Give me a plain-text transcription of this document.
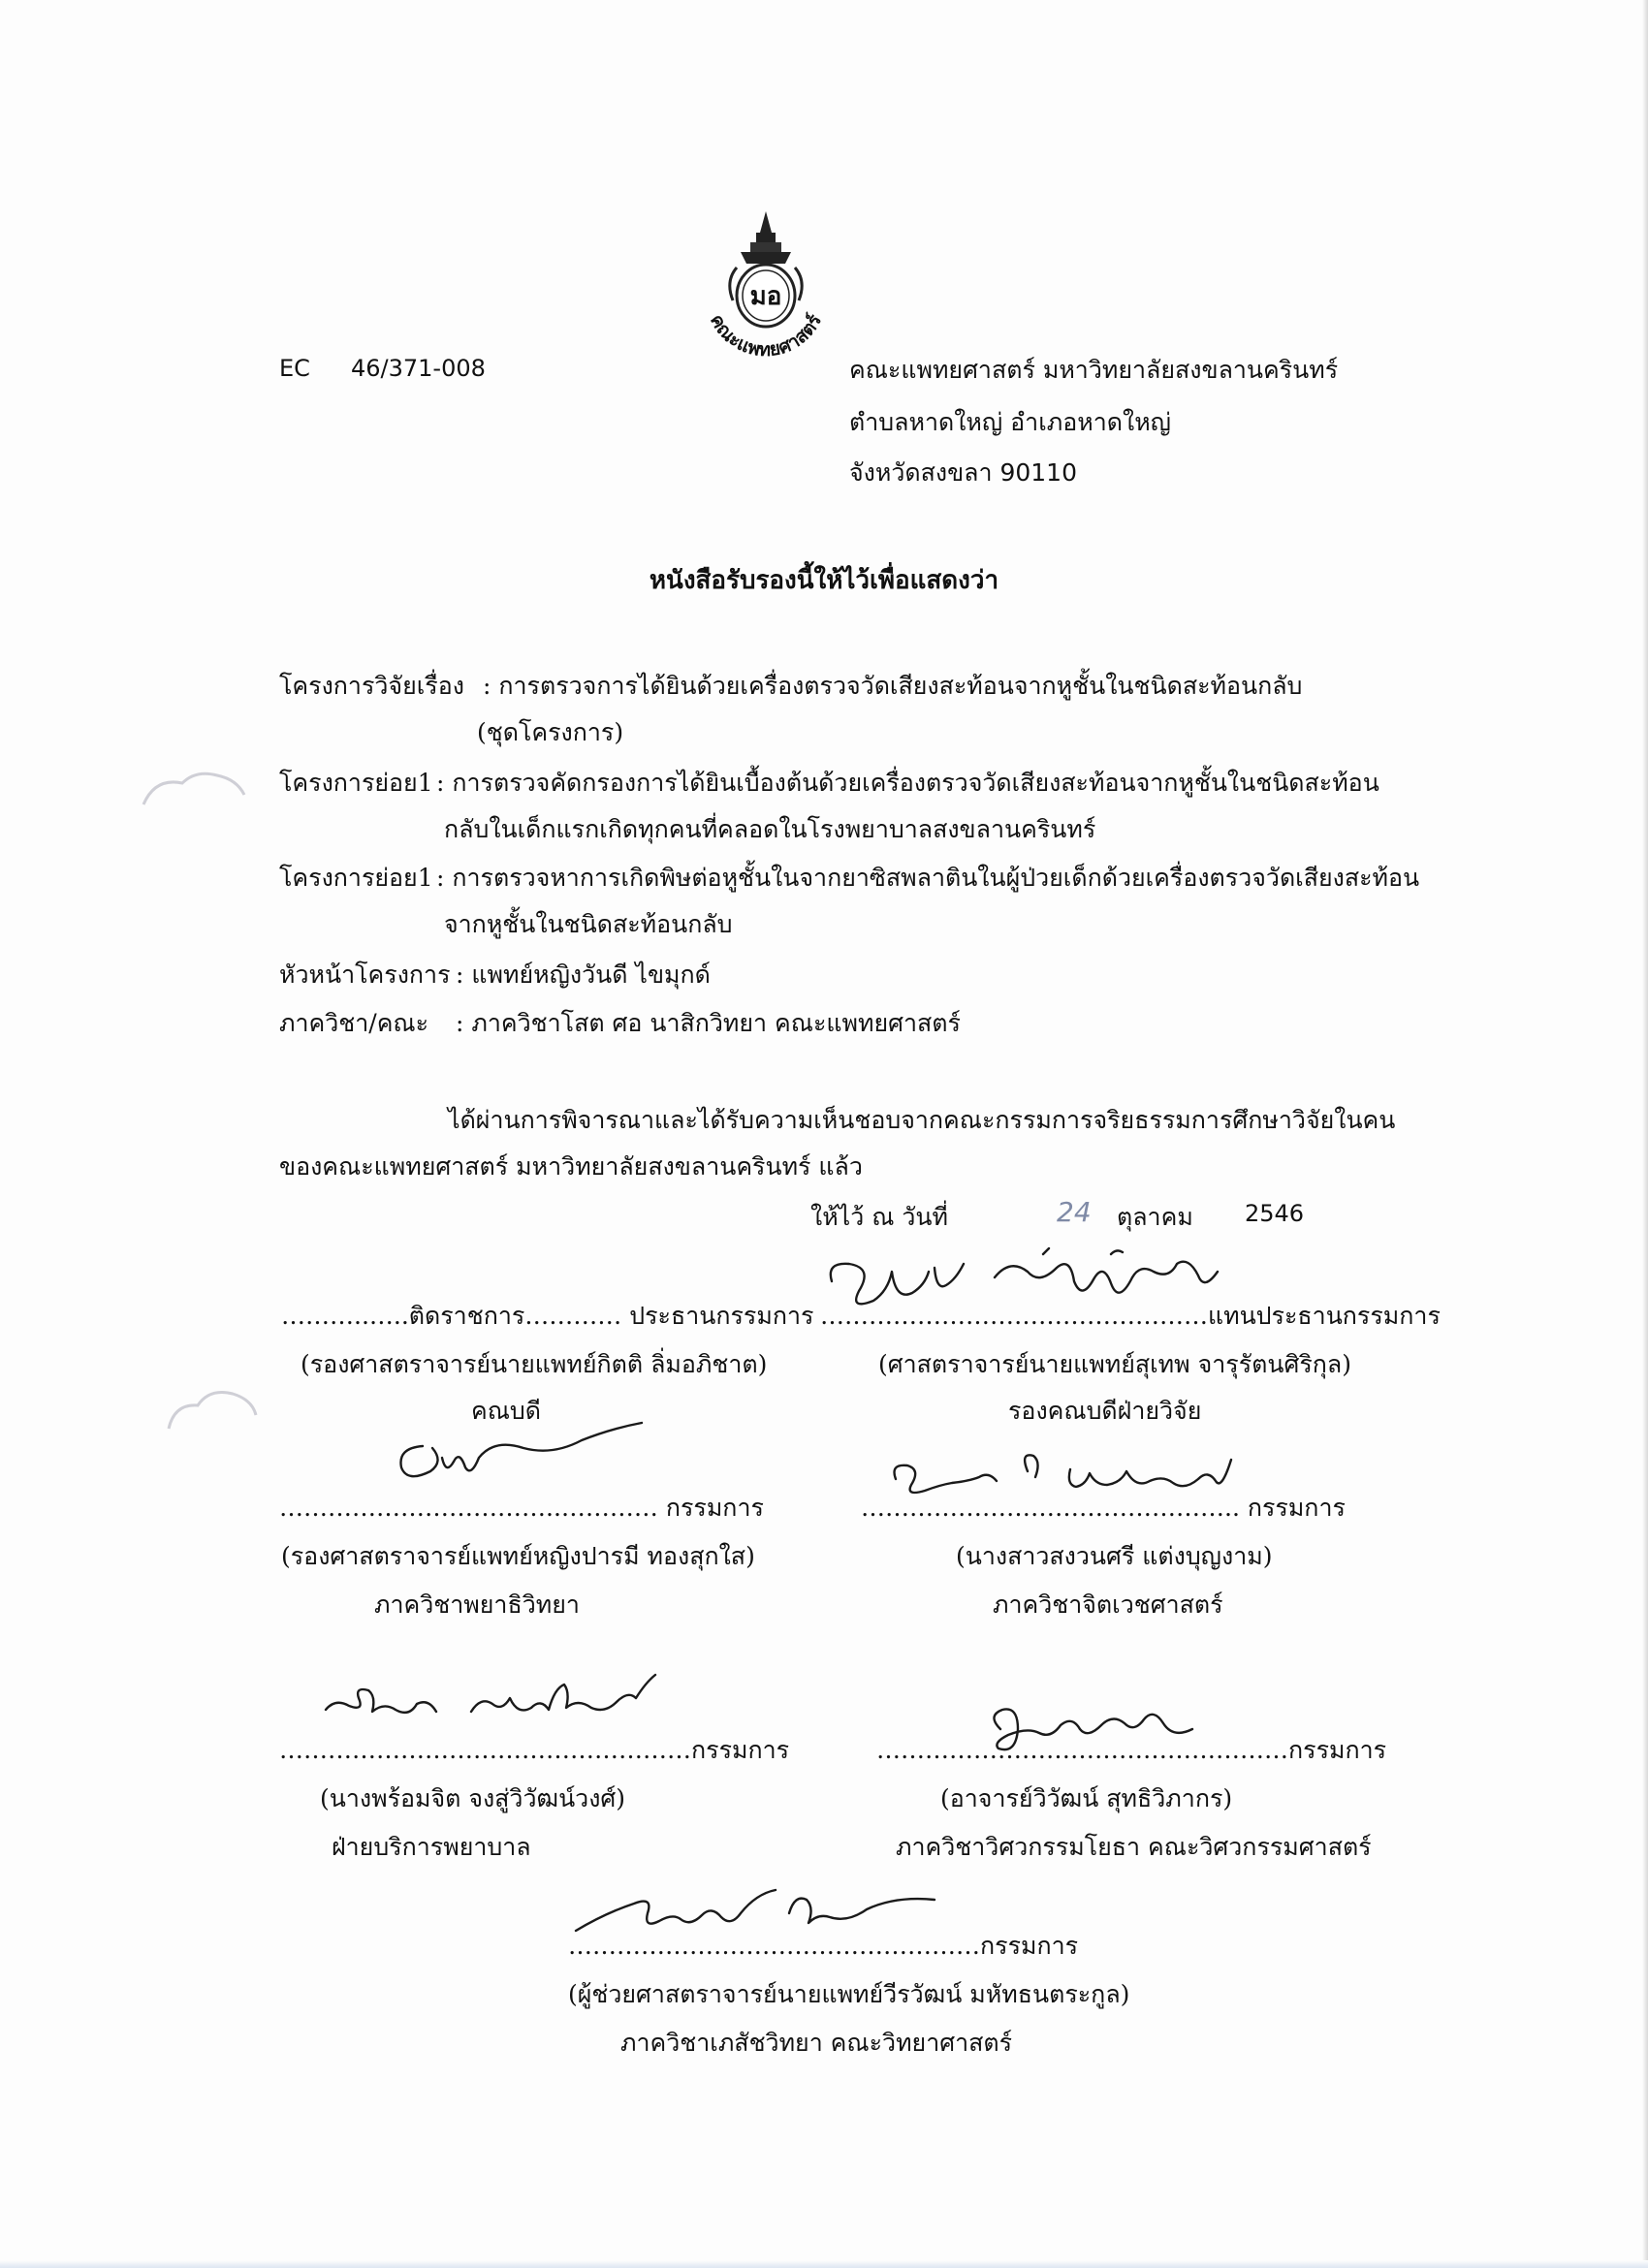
มอ
คณะแพทยศาสตร์
EC 46/371-008	คณะแพทยศาสตร์ มหาวิทยาลัยสงขลานครินทร์
ตำบลหาดใหญ่ อำเภอหาดใหญ่
จังหวัดสงขลา 90110
หนังสือรับรองนี้ให้ไว้เพื่อแสดงว่า
โครงการวิจัยเรื่อง : การตรวจการได้ยินด้วยเครื่องตรวจวัดเสียงสะท้อนจากหูชั้นในชนิดสะท้อนกลับ
(ชุดโครงการ)
โครงการย่อย1 : การตรวจคัดกรองการได้ยินเบื้องต้นด้วยเครื่องตรวจวัดเสียงสะท้อนจากหูชั้นในชนิดสะท้อน
กลับในเด็กแรกเกิดทุกคนที่คลอดในโรงพยาบาลสงขลานครินทร์
โครงการย่อย1 : การตรวจหาการเกิดพิษต่อหูชั้นในจากยาซิสพลาตินในผู้ป่วยเด็กด้วยเครื่องตรวจวัดเสียงสะท้อน
จากหูชั้นในชนิดสะท้อนกลับ
หัวหน้าโครงการ : แพทย์หญิงวันดี ไขมุกด์
ภาควิชา/คณะ : ภาควิชาโสต ศอ นาสิกวิทยา คณะแพทยศาสตร์
ได้ผ่านการพิจารณาและได้รับความเห็นชอบจากคณะกรรมการจริยธรรมการศึกษาวิจัยในคน
ของคณะแพทยศาสตร์ มหาวิทยาลัยสงขลานครินทร์ แล้ว
ให้ไว้ ณ วันที่	24 ตุลาคม 2546
………..…..ติดราชการ………… ประธานกรรมการ
(รองศาสตราจารย์นายแพทย์กิตติ ลิ่มอภิชาต)
คณบดี
…………………………………………แทนประธานกรรมการ
(ศาสตราจารย์นายแพทย์สุเทพ จารุรัตนศิริกุล)
รองคณบดีฝ่ายวิจัย
……………………………..………… กรรมการ
(รองศาสตราจารย์แพทย์หญิงปารมี ทองสุกใส)
ภาควิชาพยาธิวิทยา
……………………………………….. กรรมการ
(นางสาวสงวนศรี แต่งบุญงาม)
ภาควิชาจิตเวชศาสตร์
……………………………………………กรรมการ
(นางพร้อมจิต จงสู่วิวัฒน์วงศ์)
ฝ่ายบริการพยาบาล
……………………………………………กรรมการ
(อาจารย์วิวัฒน์ สุทธิวิภากร)
ภาควิชาวิศวกรรมโยธา คณะวิศวกรรมศาสตร์
……………………………………………กรรมการ
(ผู้ช่วยศาสตราจารย์นายแพทย์วีรวัฒน์ มหัทธนตระกูล)
ภาควิชาเภสัชวิทยา คณะวิทยาศาสตร์
